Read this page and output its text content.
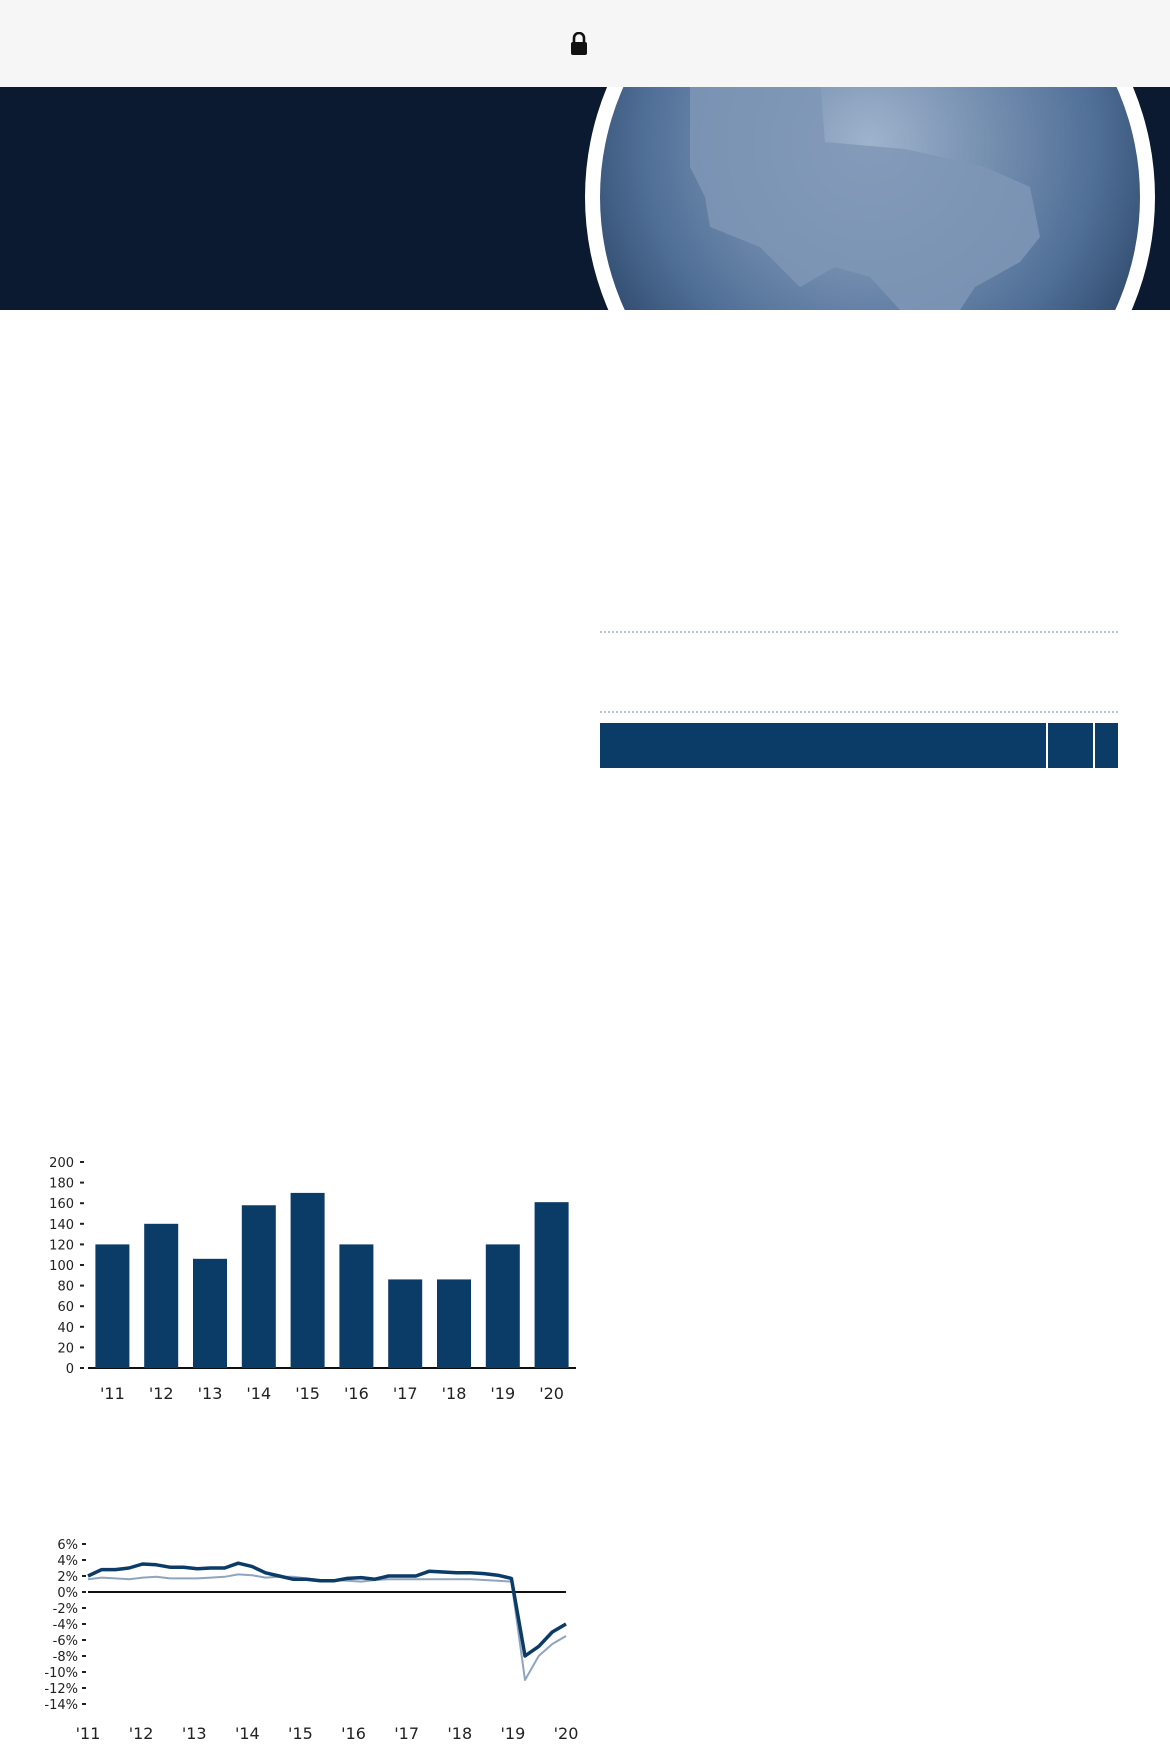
200
180
160
140
120
100
80
60
40
20
0
'11 '12 '13 '14 '15 '16 '17 '18 '19 '20
6%
4%
2%
0%
-2%
-4%
-6%
-8%
-10%
-12%
-14%
'11 '12 '13 '14 '15 '16 '17 '18 '19 '20
